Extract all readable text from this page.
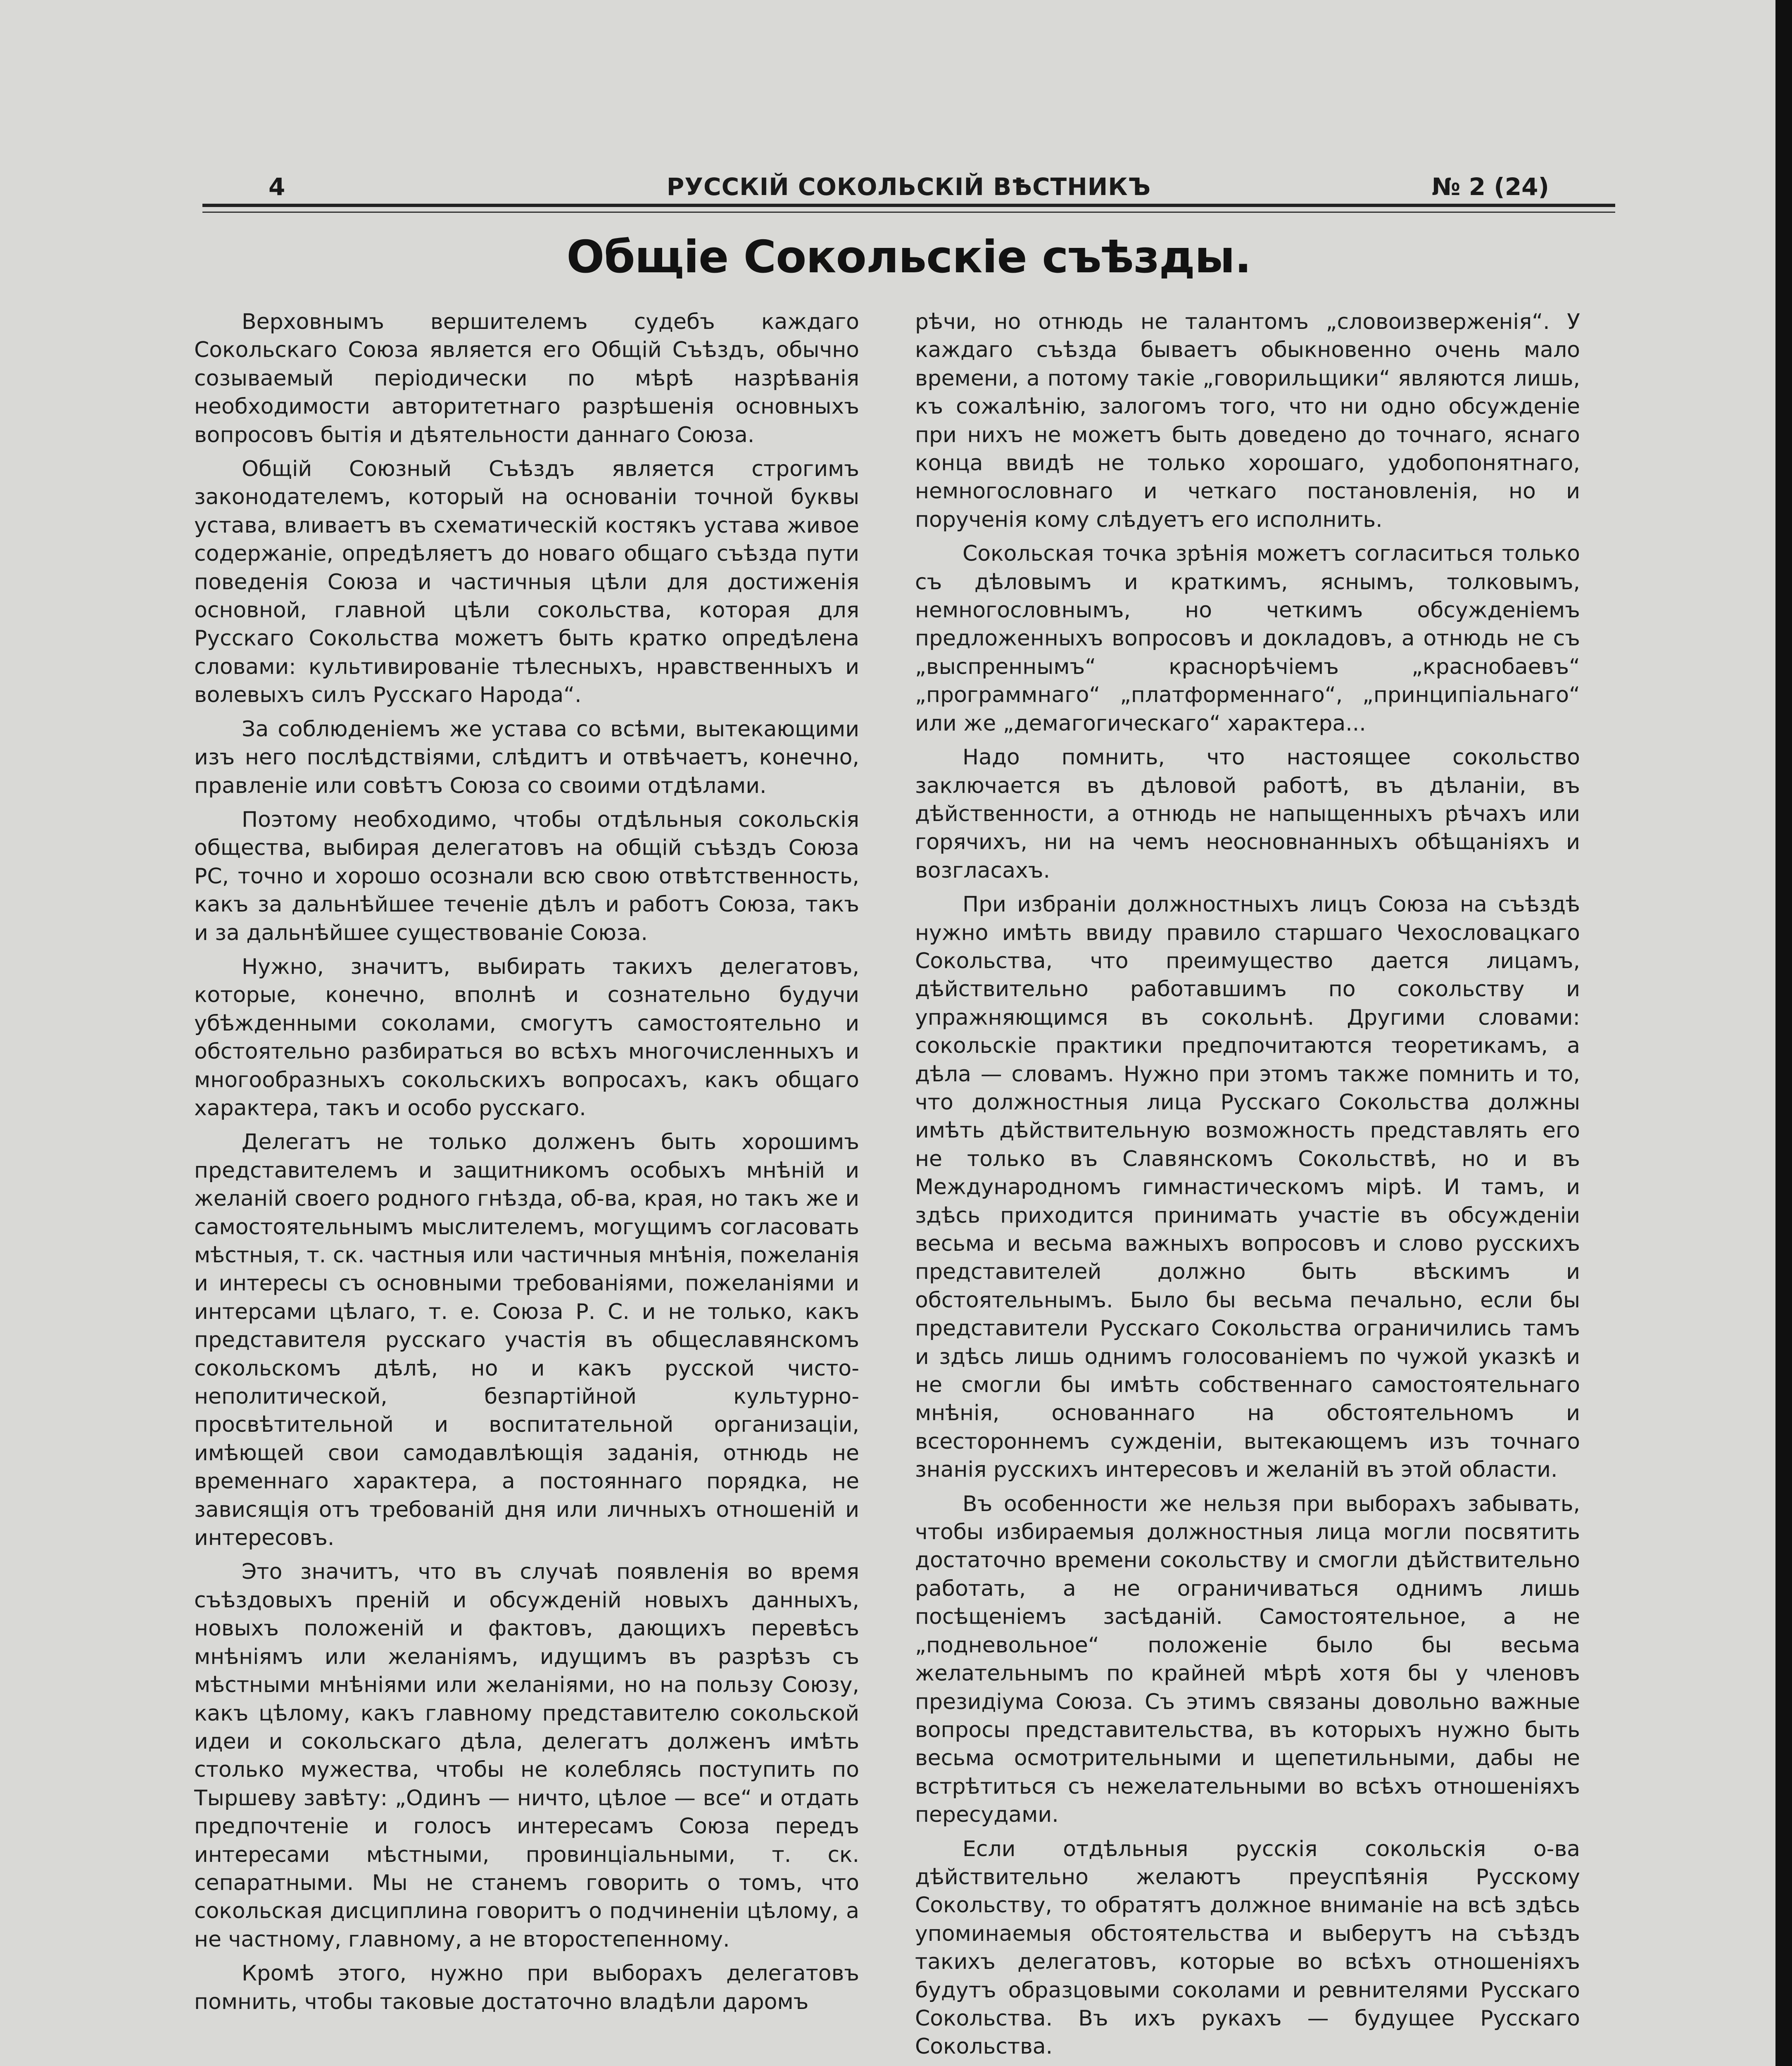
4	РУССКІЙ СОКОЛЬСКІЙ ВѢСТНИКЪ	№ 2 (24)
Общіе Сокольскіе съѣзды.

Верховнымъ вершителемъ судебъ каждаго Сокольскаго Союза является его Общій Съѣздъ, обычно созываемый періодически по мѣрѣ назрѣванія необходимости авторитетнаго разрѣшенія основныхъ вопросовъ бытія и дѣятельности даннаго Союза.

Общій Союзный Съѣздъ является строгимъ законодателемъ, который на основаніи точной буквы устава, вливаетъ въ схематическій костякъ устава живое содержаніе, опредѣляетъ до новаго общаго съѣзда пути поведенія Союза и частичныя цѣли для достиженія основной, главной цѣли сокольства, которая для Русскаго Сокольства можетъ быть кратко опредѣлена словами: культивированіе тѣлесныхъ, нравственныхъ и волевыхъ силъ Русскаго Народа“.

За соблюденіемъ же устава со всѣми, вытекающими изъ него послѣдствіями, слѣдитъ и отвѣчаетъ, конечно, правленіе или совѣтъ Союза со своими отдѣлами.

Поэтому необходимо, чтобы отдѣльныя сокольскія общества, выбирая делегатовъ на общій съѣздъ Союза РС, точно и хорошо осознали всю свою отвѣтственность, какъ за дальнѣйшее теченіе дѣлъ и работъ Союза, такъ и за дальнѣйшее существованіе Союза.

Нужно, значитъ, выбирать такихъ делегатовъ, которые, конечно, вполнѣ и сознательно будучи убѣжденными соколами, смогутъ самостоятельно и обстоятельно разбираться во всѣхъ многочисленныхъ и многообразныхъ сокольскихъ вопросахъ, какъ общаго характера, такъ и особо русскаго.

Делегатъ не только долженъ быть хорошимъ представителемъ и защитникомъ особыхъ мнѣній и желаній своего родного гнѣзда, об-ва, края, но такъ же и самостоятельнымъ мыслителемъ, могущимъ согласовать мѣстныя, т. ск. частныя или частичныя мнѣнія, пожеланія и интересы съ основными требованіями, пожеланіями и интерсами цѣлаго, т. е. Союза Р. С. и не только, какъ представителя русскаго участія въ общеславянскомъ сокольскомъ дѣлѣ, но и какъ русской чисто-неполитической, безпартійной культурно-просвѣтительной и воспитательной организаціи, имѣющей свои самодавлѣющія заданія, отнюдь не временнаго характера, а постояннаго порядка, не зависящія отъ требованій дня или личныхъ отношеній и интересовъ.

Это значитъ, что въ случаѣ появленія во время съѣздовыхъ преній и обсужденій новыхъ данныхъ, новыхъ положеній и фактовъ, дающихъ перевѣсъ мнѣніямъ или желаніямъ, идущимъ въ разрѣзъ съ мѣстными мнѣніями или желаніями, но на пользу Союзу, какъ цѣлому, какъ главному представителю сокольской идеи и сокольскаго дѣла, делегатъ долженъ имѣть столько мужества, чтобы не колеблясь поступить по Тыршеву завѣту: „Одинъ — ничто, цѣлое — все“ и отдать предпочтеніе и голосъ интересамъ Союза передъ интересами мѣстными, провинціальными, т. ск. сепаратными. Мы не станемъ говорить о томъ, что сокольская дисциплина говоритъ о подчиненіи цѣлому, а не частному, главному, а не второстепенному.

Кромѣ этого, нужно при выборахъ делегатовъ помнить, чтобы таковые достаточно владѣли даромъ

рѣчи, но отнюдь не талантомъ „словоизверженія“. У каждаго съѣзда бываетъ обыкновенно очень мало времени, а потому такіе „говорильщики“ являются лишь, къ сожалѣнію, залогомъ того, что ни одно обсужденіе при нихъ не можетъ быть доведено до точнаго, яснаго конца ввидѣ не только хорошаго, удобопонятнаго, немногословнаго и четкаго постановленія, но и порученія кому слѣдуетъ его исполнить.

Сокольская точка зрѣнія можетъ согласиться только съ дѣловымъ и краткимъ, яснымъ, толковымъ, немногословнымъ, но четкимъ обсужденіемъ предложенныхъ вопросовъ и докладовъ, а отнюдь не съ „выспреннымъ“ краснорѣчіемъ „краснобаевъ“ „программнаго“ „платформеннаго“, „принципіальнаго“ или же „демагогическаго“ характера...

Надо помнить, что настоящее сокольство заключается въ дѣловой работѣ, въ дѣланіи, въ дѣйственности, а отнюдь не напыщенныхъ рѣчахъ или горячихъ, ни на чемъ неосновнанныхъ обѣщаніяхъ и возгласахъ.

При избраніи должностныхъ лицъ Союза на съѣздѣ нужно имѣть ввиду правило старшаго Чехословацкаго Сокольства, что преимущество дается лицамъ, дѣйствительно работавшимъ по сокольству и упражняющимся въ сокольнѣ. Другими словами: сокольскіе практики предпочитаются теоретикамъ, а дѣла — словамъ. Нужно при этомъ также помнить и то, что должностныя лица Русскаго Сокольства должны имѣть дѣйствительную возможность представлять его не только въ Славянскомъ Сокольствѣ, но и въ Международномъ гимнастическомъ мірѣ. И тамъ, и здѣсь приходится принимать участіе въ обсужденіи весьма и весьма важныхъ вопросовъ и слово русскихъ представителей должно быть вѣскимъ и обстоятельнымъ. Было бы весьма печально, если бы представители Русскаго Сокольства ограничились тамъ и здѣсь лишь однимъ голосованіемъ по чужой указкѣ и не смогли бы имѣть собственнаго самостоятельнаго мнѣнія, основаннаго на обстоятельномъ и всестороннемъ сужденіи, вытекающемъ изъ точнаго знанія русскихъ интересовъ и желаній въ этой области.

Въ особенности же нельзя при выборахъ забывать, чтобы избираемыя должностныя лица могли посвятить достаточно времени сокольству и смогли дѣйствительно работать, а не ограничиваться однимъ лишь посѣщеніемъ засѣданій. Самостоятельное, а не „подневольное“ положеніе было бы весьма желательнымъ по крайней мѣрѣ хотя бы у членовъ президіума Союза. Съ этимъ связаны довольно важные вопросы представительства, въ которыхъ нужно быть весьма осмотрительными и щепетильными, дабы не встрѣтиться съ нежелательными во всѣхъ отношеніяхъ пересудами.

Если отдѣльныя русскія сокольскія о-ва дѣйствительно желаютъ преуспѣянія Русскому Сокольству, то обратятъ должное вниманіе на всѣ здѣсь упоминаемыя обстоятельства и выберутъ на съѣздъ такихъ делегатовъ, которые во всѣхъ отношеніяхъ будутъ образцовыми соколами и ревнителями Русскаго Сокольства. Въ ихъ рукахъ — будущее Русскаго Сокольства.
